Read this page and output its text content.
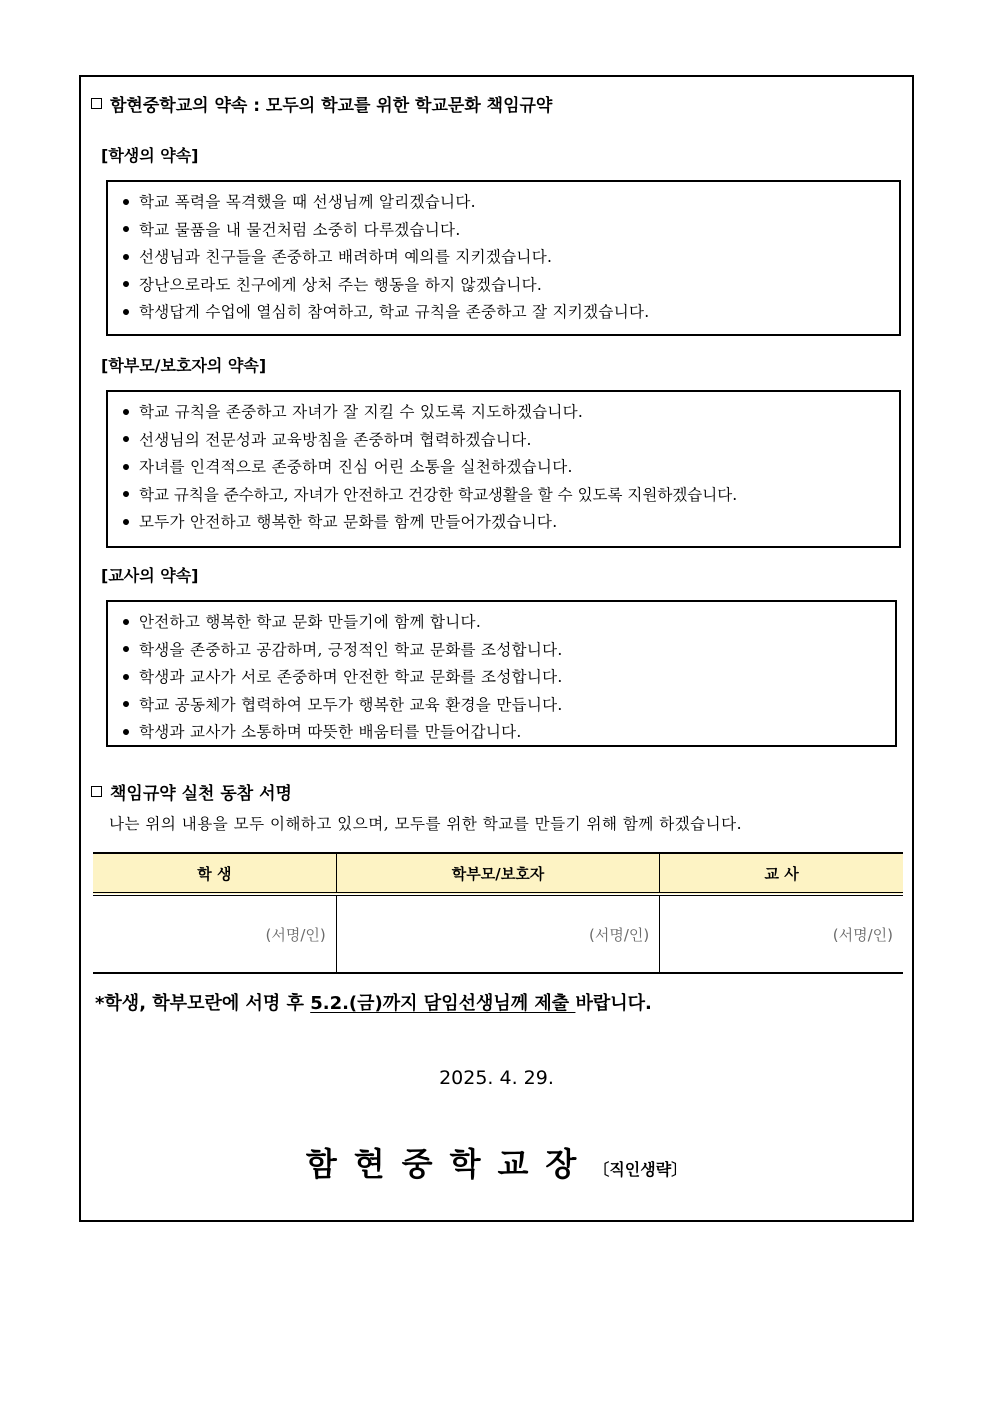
함현중학교의 약속 : 모두의 학교를 위한 학교문화 책임규약
[학생의 약속]
학교 폭력을 목격했을 때 선생님께 알리겠습니다.
학교 물품을 내 물건처럼 소중히 다루겠습니다.
선생님과 친구들을 존중하고 배려하며 예의를 지키겠습니다.
장난으로라도 친구에게 상처 주는 행동을 하지 않겠습니다.
학생답게 수업에 열심히 참여하고, 학교 규칙을 존중하고 잘 지키겠습니다.
[학부모/보호자의 약속]
학교 규칙을 존중하고 자녀가 잘 지킬 수 있도록 지도하겠습니다.
선생님의 전문성과 교육방침을 존중하며 협력하겠습니다.
자녀를 인격적으로 존중하며 진심 어린 소통을 실천하겠습니다.
학교 규칙을 준수하고, 자녀가 안전하고 건강한 학교생활을 할 수 있도록 지원하겠습니다.
모두가 안전하고 행복한 학교 문화를 함께 만들어가겠습니다.
[교사의 약속]
안전하고 행복한 학교 문화 만들기에 함께 합니다.
학생을 존중하고 공감하며, 긍정적인 학교 문화를 조성합니다.
학생과 교사가 서로 존중하며 안전한 학교 문화를 조성합니다.
학교 공동체가 협력하여 모두가 행복한 교육 환경을 만듭니다.
학생과 교사가 소통하며 따뜻한 배움터를 만들어갑니다.
책임규약 실천 동참 서명
나는 위의 내용을 모두 이해하고 있으며, 모두를 위한 학교를 만들기 위해 함께 하겠습니다.
학 생	학부모/보호자	교 사
(서명/인)	(서명/인)	(서명/인)
*학생, 학부모란에 서명 후 5.2.(금)까지 담임선생님께 제출 바랍니다.
2025. 4. 29.
함현중학교장〔직인생략〕
